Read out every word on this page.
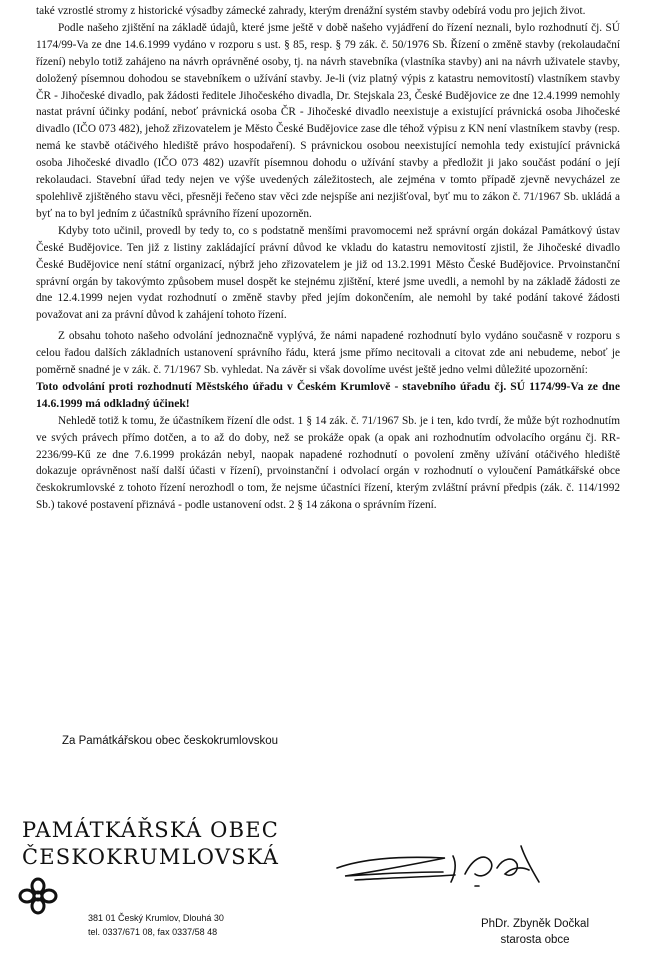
také vzrostlé stromy z historické výsadby zámecké zahrady, kterým drenážní systém stavby odebírá vodu pro jejich život.

Podle našeho zjištění na základě údajů, které jsme ještě v době našeho vyjádření do řízení neznali, bylo rozhodnutí čj. SÚ 1174/99-Va ze dne 14.6.1999 vydáno v rozporu s ust. § 85, resp. § 79 zák. č. 50/1976 Sb. Řízení o změně stavby (rekolaudační řízení) nebylo totiž zahájeno na návrh oprávněné osoby, tj. na návrh stavebníka (vlastníka stavby) ani na návrh uživatele stavby, doložený písemnou dohodou se stavebníkem o užívání stavby. Je-li (viz platný výpis z katastru nemovitostí) vlastníkem stavby ČR - Jihočeské divadlo, pak žádosti ředitele Jihočeského divadla, Dr. Stejskala 23, České Budějovice ze dne 12.4.1999 nemohly nastat právní účinky podání, neboť právnická osoba ČR - Jihočeské divadlo neexistuje a existující právnická osoba Jihočeské divadlo (IČO 073 482), jehož zřizovatelem je Město České Budějovice zase dle téhož výpisu z KN není vlastníkem stavby (resp. nemá ke stavbě otáčivého hlediště právo hospodaření). S právnickou osobou neexistující nemohla tedy existující právnická osoba Jihočeské divadlo (IČO 073 482) uzavřít písemnou dohodu o užívání stavby a předložit ji jako součást podání o její rekolaudaci. Stavební úřad tedy nejen ve výše uvedených záležitostech, ale zejména v tomto případě zjevně nevycházel ze spolehlivě zjištěného stavu věci, přesněji řečeno stav věci zde nejspíše ani nezjišťoval, byť mu to zákon č. 71/1967 Sb. ukládá a byť na to byl jedním z účastníků správního řízení upozorněn.

Kdyby toto učinil, provedl by tedy to, co s podstatně menšími pravomocemi než správní orgán dokázal Památkový ústav České Budějovice. Ten již z listiny zakládající právní důvod ke vkladu do katastru nemovitostí zjistil, že Jihočeské divadlo České Budějovice není státní organizací, nýbrž jeho zřizovatelem je již od 13.2.1991 Město České Budějovice. Prvoinstanční správní orgán by takovýmto způsobem musel dospět ke stejnému zjištění, které jsme uvedli, a nemohl by na základě žádosti ze dne 12.4.1999 nejen vydat rozhodnutí o změně stavby před jejím dokončením, ale nemohl by také podání takové žádosti považovat ani za právní důvod k zahájení tohoto řízení.

Z obsahu tohoto našeho odvolání jednoznačně vyplývá, že námi napadené rozhodnutí bylo vydáno současně v rozporu s celou řadou dalších základních ustanovení správního řádu, která jsme přímo necitovali a citovat zde ani nebudeme, neboť je poměrně snadné je v zák. č. 71/1967 Sb. vyhledat. Na závěr si však dovolíme uvést ještě jedno velmi důležité upozornění:

Toto odvolání proti rozhodnutí Městského úřadu v Českém Krumlově - stavebního úřadu čj. SÚ 1174/99-Va ze dne 14.6.1999 má odkladný účinek!

Nehledě totiž k tomu, že účastníkem řízení dle odst. 1 § 14 zák. č. 71/1967 Sb. je i ten, kdo tvrdí, že může být rozhodnutím ve svých právech přímo dotčen, a to až do doby, než se prokáže opak (a opak ani rozhodnutím odvolacího orgánu čj. RR-2236/99-Kű ze dne 7.6.1999 prokázán nebyl, naopak napadené rozhodnutí o povolení změny užívání otáčivého hlediště dokazuje oprávněnost naší další účasti v řízení), prvoinstanční i odvolací orgán v rozhodnutí o vyloučení Památkářské obce českokrumlovské z tohoto řízení nerozhodl o tom, že nejsme účastníci řízení, kterým zvláštní právní předpis (zák. č. 114/1992 Sb.) takové postavení přiznává - podle ustanovení odst. 2 § 14 zákona o správním řízení.

Za Památkářskou obec českokrumlovskou
PAMÁTKÁŘSKÁ OBEC
ČESKOKRUMLOVSKÁ
381 01 Český Krumlov, Dlouhá 30
tel. 0337/671 08, fax 0337/58 48
PhDr. Zbyněk Dočkal
starosta obce
